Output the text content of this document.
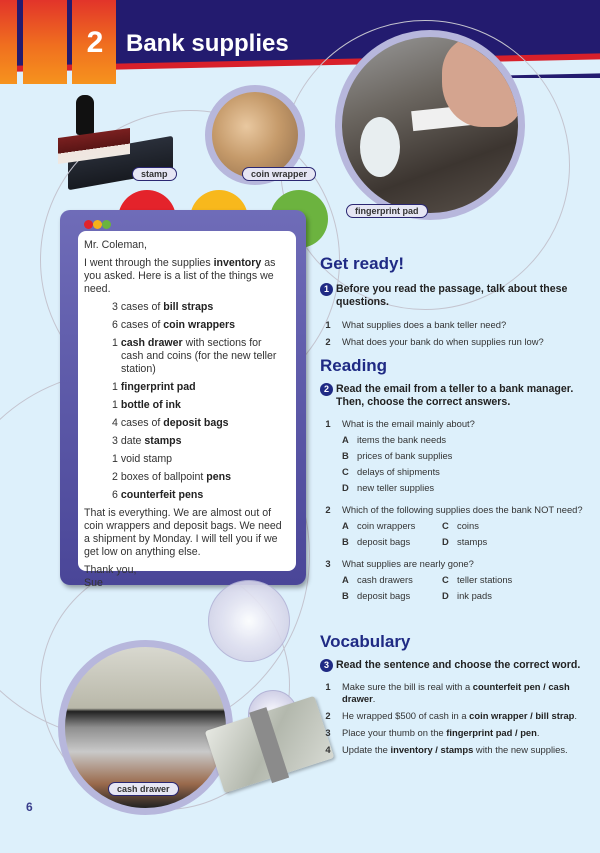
2 Bank supplies
stamp	coin wrapper
fingerprint pad

Mr. Coleman,

I went through the supplies inventory as you asked. Here is a list of the things we need.

3 cases of bill straps
6 cases of coin wrappers
1 cash drawer with sections for
cash and coins (for the new teller station)
1 fingerprint pad
1 bottle of ink
4 cases of deposit bags
3 date stamps
1 void stamp
2 boxes of ballpoint pens
6 counterfeit pens

That is everything. We are almost out of coin wrappers and deposit bags. We need a shipment by Monday. I will tell you if we get low on anything else.

Thank you,
Sue

cash drawer
Get ready!
1 Before you read the passage, talk about these questions.
1	What supplies does a bank teller need?
2	What does your bank do when supplies run low?
Reading
2 Read the email from a teller to a bank manager. Then, choose the correct answers.
1	What is the email mainly about?
A items the bank needs
B prices of bank supplies
C delays of shipments
D new teller supplies
2	Which of the following supplies does the bank NOT need?
A coin wrappers	C coins
B deposit bags	D stamps
3	What supplies are nearly gone?
A cash drawers	C teller stations
B deposit bags	D ink pads
Vocabulary
3 Read the sentence and choose the correct word.
1	Make sure the bill is real with a counterfeit pen / cash drawer.
2	He wrapped $500 of cash in a coin wrapper / bill strap.
3	Place your thumb on the fingerprint pad / pen.
4	Update the inventory / stamps with the new supplies.
6
